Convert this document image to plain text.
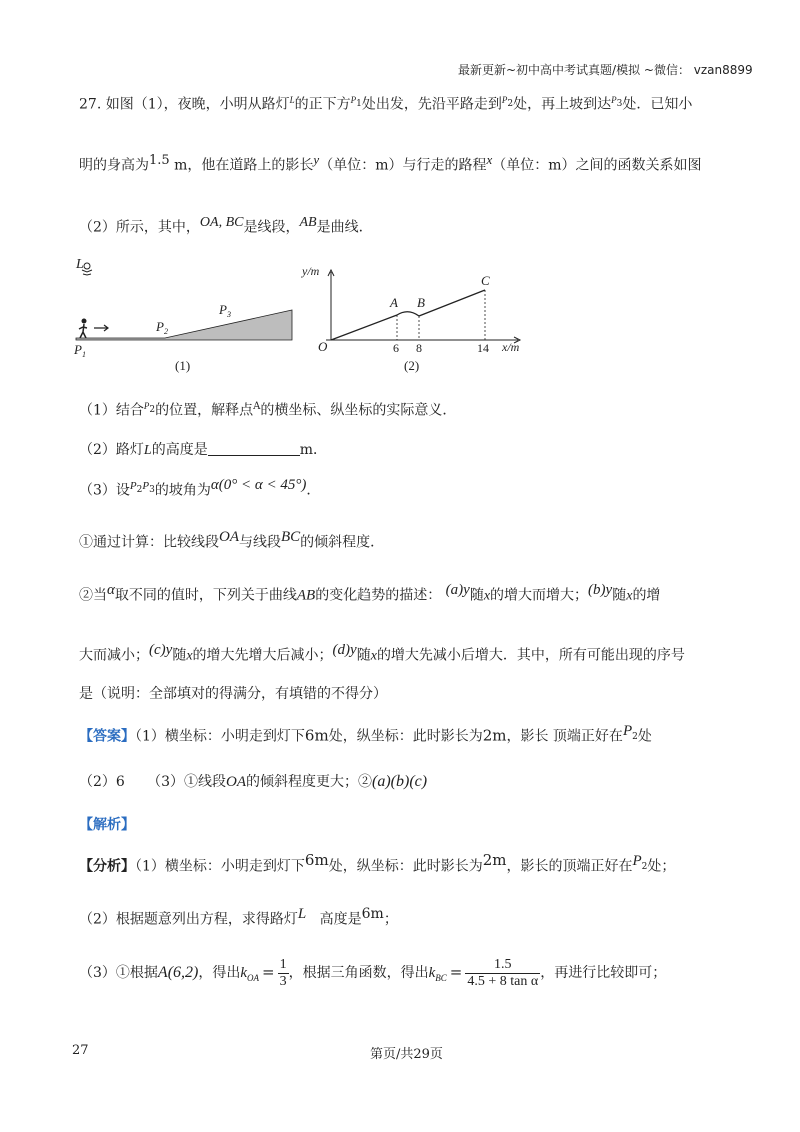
最新更新~初中高中考试真题/模拟 ~微信： vzan8899
27. 如图（1），夜晚，小明从路灯$^L$的正下方$^{P_1}$处出发，先沿平路走到$^{P_2}$处，再上坡到达$^{P_3}$处．已知小
明的身高为$^{1.5}$ m，他在道路上的影长$^y$（单位：m）与行走的路程$^x$（单位：m）之间的函数关系如图
（2）所示，其中，$^{OA, BC}$是线段，$^{AB}$是曲线．
L
$P_1$
$P_2$
$P_3$
(1)
y/m
x/m
O
A B
C
6 8	14
(2)
（1）结合$^{P_2}$的位置，解释点$^A$的横坐标、纵坐标的实际意义．
（2）路灯L的高度是	m．
（3）设$^{P_2P_3}$的坡角为$^{\alpha(0^\circ < \alpha < 45^\circ)}$．
①通过计算：比较线段$^{OA}$与线段$^{BC}$的倾斜程度．
②当$^\alpha$取不同的值时，下列关于曲线AB的变化趋势的描述： $^{(a)y}$随x的增大而增大；$^{(b)y}$随x的增
大而减小；$^{(c)y}$随x的增大先增大后减小；$^{(d)y}$随x的增大先减小后增大．其中，所有可能出现的序号
是（说明：全部填对的得满分，有填错的不得分）
【答案】（1）横坐标：小明走到灯下6m处，纵坐标：此时影长为2m，影长 顶端正好在$^{P_2}$处
（2）6 （3）①线段OA的倾斜程度更大；②(a)(b)(c)
【解析】
【分析】（1）横坐标：小明走到灯下$^{6m}$处，纵坐标：此时影长为$^{2m}$，影长的顶端正好在$^{P_2}$处；
（2）根据题意列出方程，求得路灯$^L$ 高度是$^{6m}$；
（3）①根据A(6,2)，得出$k_{OA} = \frac{1}{3}$ ，根据三角函数，得出$k_{BC} = \frac{1.5}{\text{4.5 + 8 tan α}}$ ，再进行比较即可；
27	第页/共29页
